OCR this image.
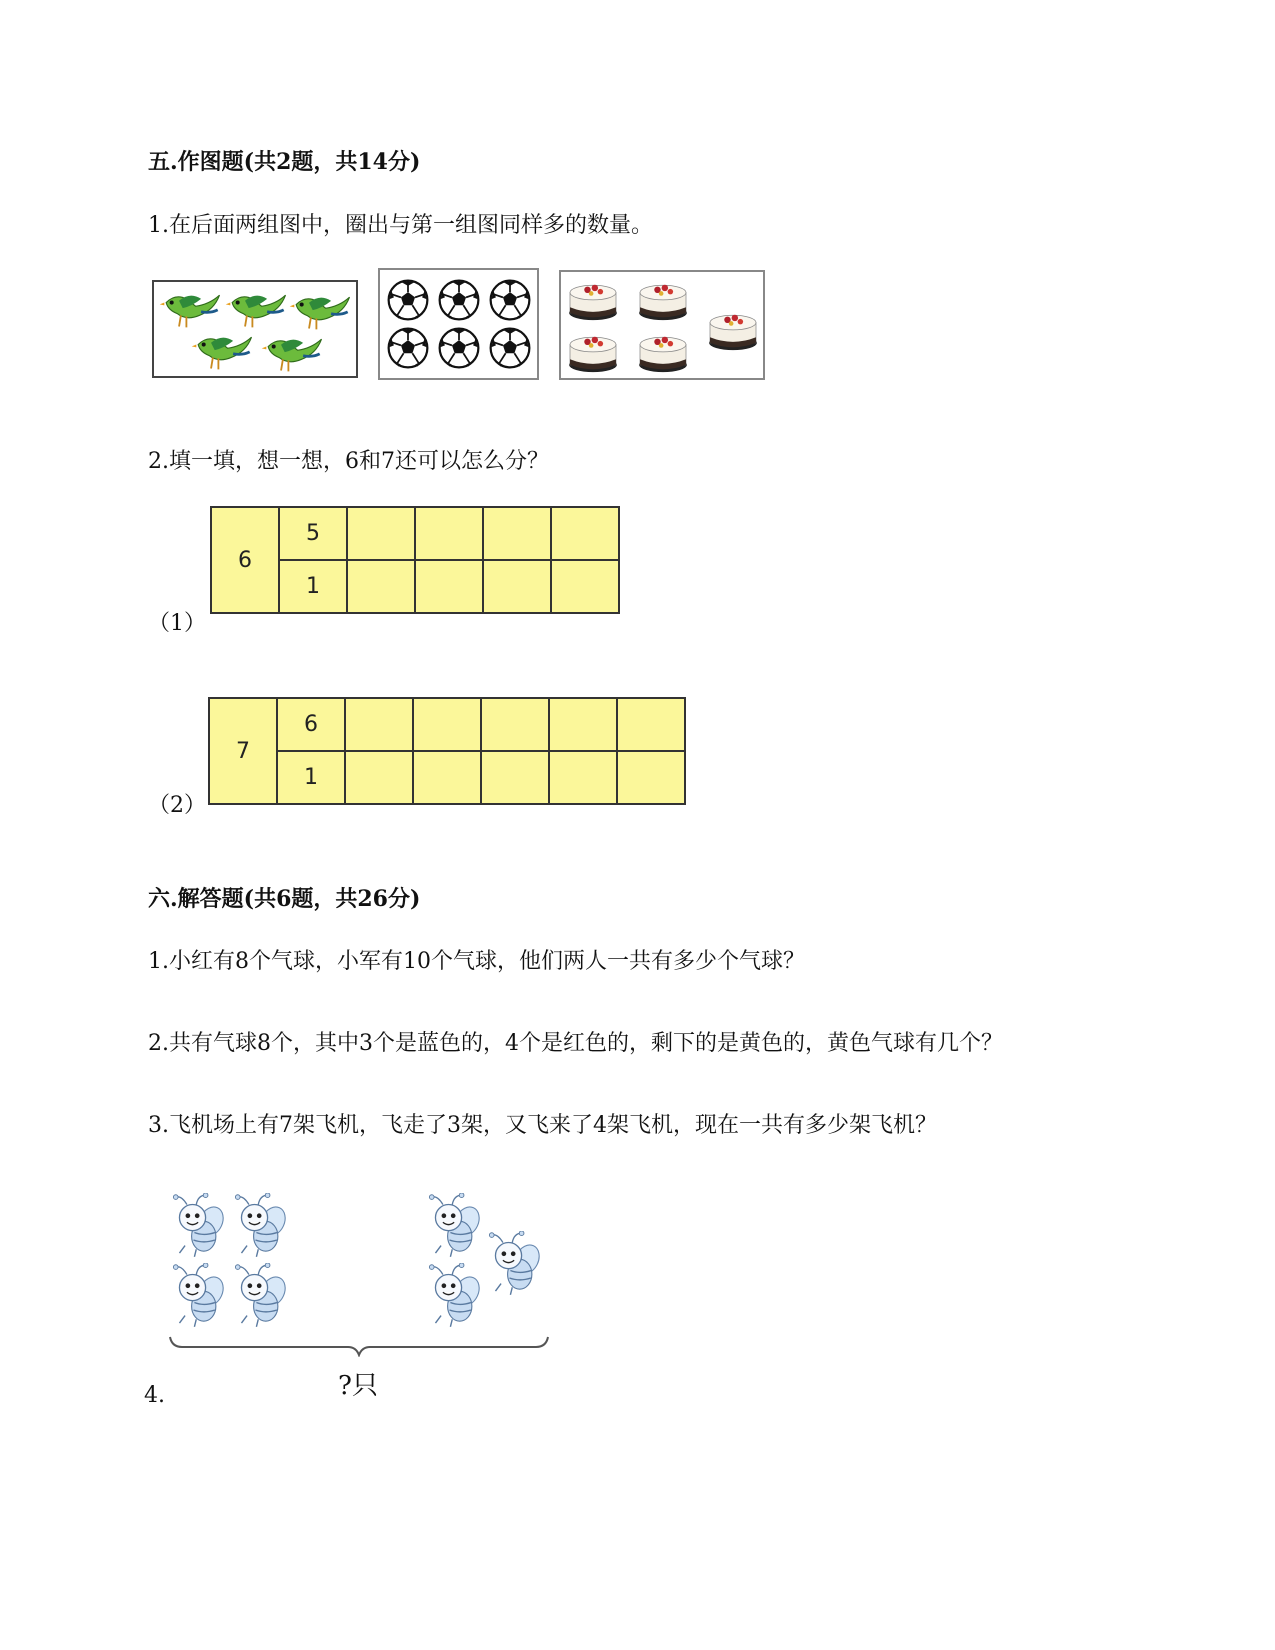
五.作图题(共2题，共14分)
1.在后面两组图中，圈出与第一组图同样多的数量。
2.填一填，想一想，6和7还可以怎么分？
6	5				
	1				
（1）
7	6					
	1					
（2）
六.解答题(共6题，共26分)
1.小红有8个气球，小军有10个气球，他们两人一共有多少个气球？
2.共有气球8个，其中3个是蓝色的，4个是红色的，剩下的是黄色的，黄色气球有几个？
3.飞机场上有7架飞机，飞走了3架，又飞来了4架飞机，现在一共有多少架飞机？
?只
4.
